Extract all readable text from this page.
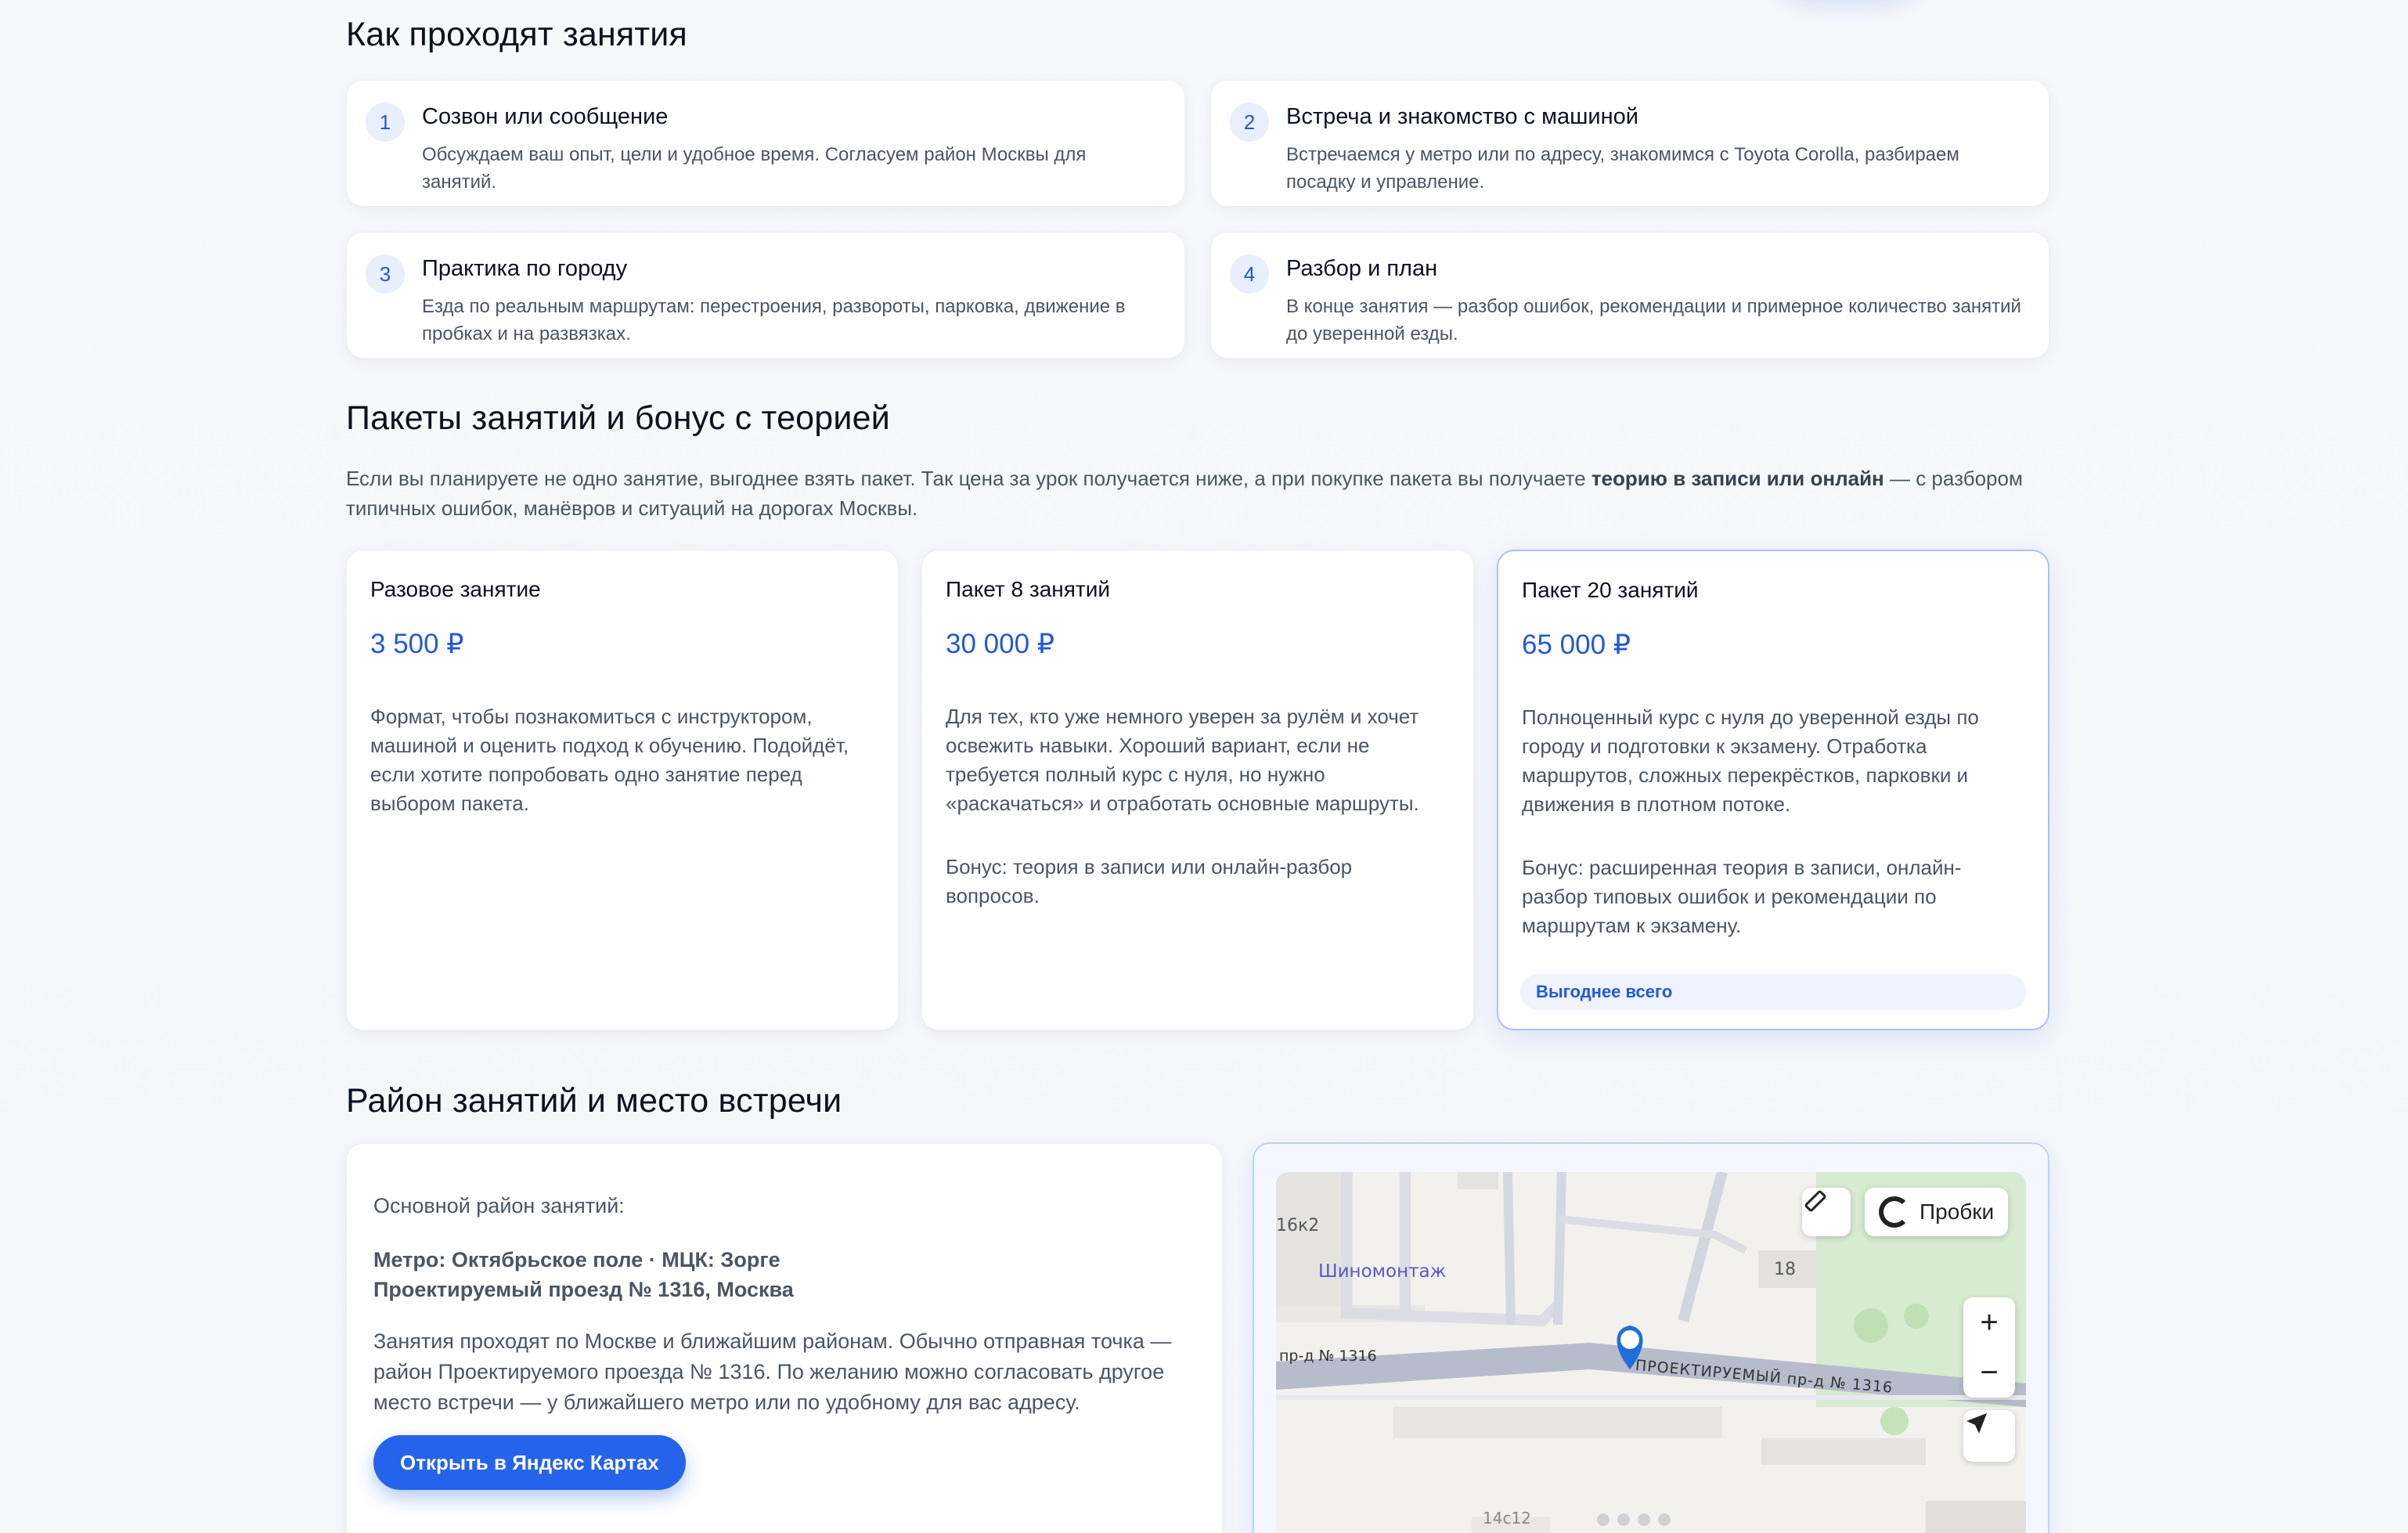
Как проходят занятия
1	Созвон или сообщение
Обсуждаем ваш опыт, цели и удобное время. Согласуем район Москвы для занятий.
2	Встреча и знакомство с машиной
Встречаемся у метро или по адресу, знакомимся с Toyota Corolla, разбираем посадку и управление.
3	Практика по городу
Езда по реальным маршрутам: перестроения, развороты, парковка, движение в пробках и на развязках.
4	Разбор и план
В конце занятия — разбор ошибок, рекомендации и примерное количество занятий до уверенной езды.
Пакеты занятий и бонус с теорией

Если вы планируете не одно занятие, выгоднее взять пакет. Так цена за урок получается ниже, а при покупке пакета вы получаете теорию в записи или онлайн — с разбором типичных ошибок, манёвров и ситуаций на дорогах Москвы.

Разовое занятие
3 500 ₽
Формат, чтобы познакомиться с инструктором, машиной и оценить подход к обучению. Подойдёт, если хотите попробовать одно занятие перед выбором пакета.
Пакет 8 занятий
30 000 ₽
Для тех, кто уже немного уверен за рулём и хочет освежить навыки. Хороший вариант, если не требуется полный курс с нуля, но нужно «раскачаться» и отработать основные маршруты.
Бонус: теория в записи или онлайн-разбор вопросов.
Пакет 20 занятий
65 000 ₽
Полноценный курс с нуля до уверенной езды по городу и подготовки к экзамену. Отработка маршрутов, сложных перекрёстков, парковки и движения в плотном потоке.
Бонус: расширенная теория в записи, онлайн-разбор типовых ошибок и рекомендации по маршрутам к экзамену.
Выгоднее всего
Район занятий и место встречи
Основной район занятий:
Метро: Октябрьское поле · МЦК: Зорге
Проектируемый проезд № 1316, Москва
Занятия проходят по Москве и ближайшим районам. Обычно отправная точка — район Проектируемого проезда № 1316. По желанию можно согласовать другое место встречи — у ближайшего метро или по удобному для вас адресу.
Открыть в Яндекс Картах
16к2
Шиномонтаж	18
пр-д № 1316
ПРОЕКТИРУЕМЫЙ пр-д № 1316
14с12
Пробки
+
−
